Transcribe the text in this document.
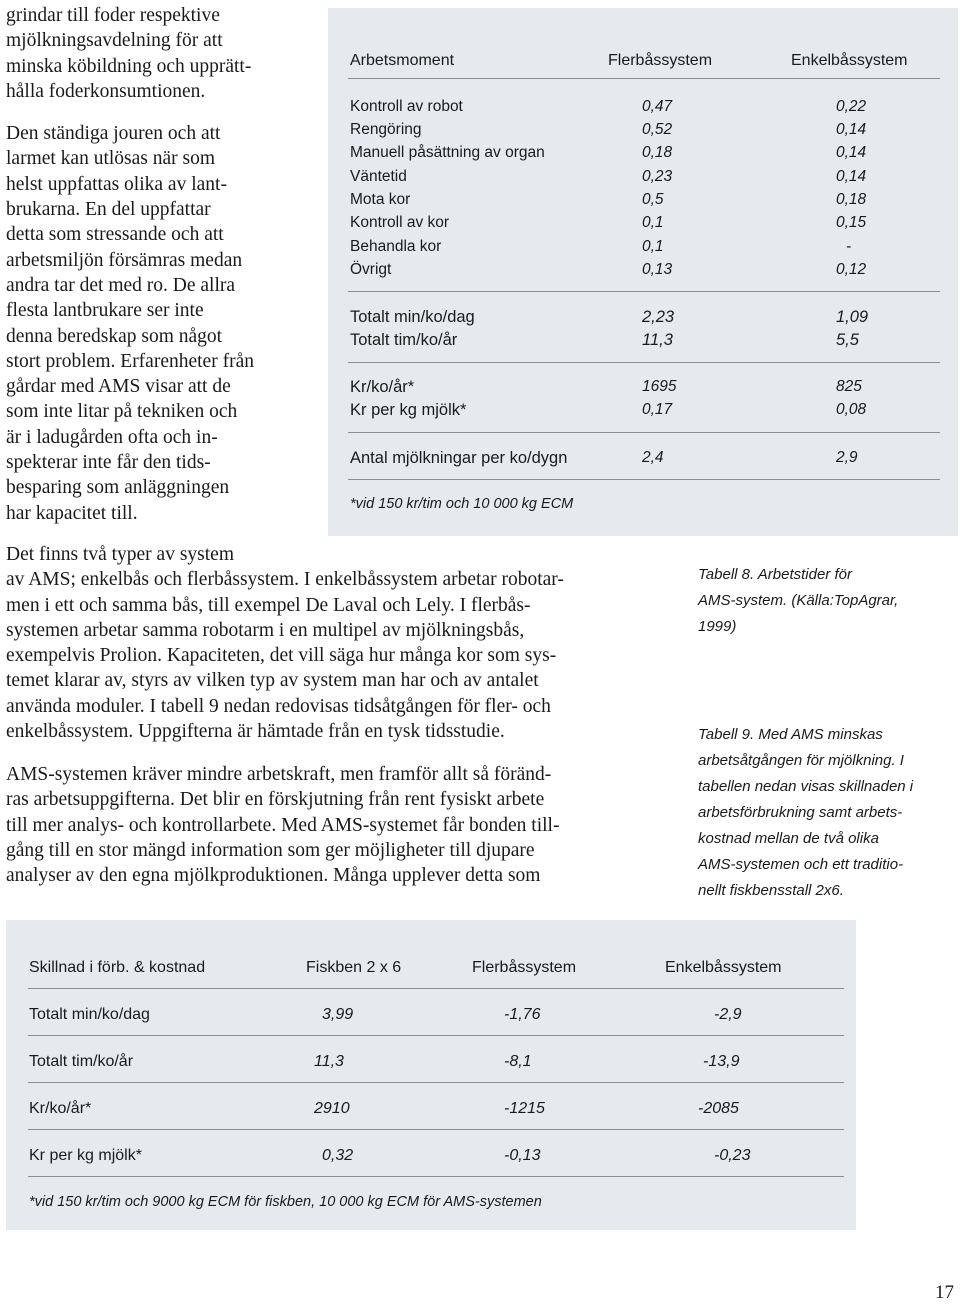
grindar till foder respektive
mjölkningsavdelning för att
minska köbildning och upprätt-
hålla foderkonsumtionen.
Den ständiga jouren och att
larmet kan utlösas när som
helst uppfattas olika av lant-
brukarna. En del uppfattar
detta som stressande och att
arbetsmiljön försämras medan
andra tar det med ro. De allra
flesta lantbrukare ser inte
denna beredskap som något
stort problem. Erfarenheter från
gårdar med AMS visar att de
som inte litar på tekniken och
är i ladugården ofta och in-
spekterar inte får den tids-
besparing som anläggningen
har kapacitet till.
Arbetsmoment	Flerbåssystem	Enkelbåssystem
Kontroll av robot	0,47	0,22
Rengöring	0,52	0,14
Manuell påsättning av organ	0,18	0,14
Väntetid	0,23	0,14
Mota kor	0,5	0,18
Kontroll av kor	0,1	0,15
Behandla kor	0,1	-
Övrigt	0,13	0,12
Totalt min/ko/dag	2,23	1,09
Totalt tim/ko/år	11,3	5,5
Kr/ko/år*	1695	825
Kr per kg mjölk*	0,17	0,08
Antal mjölkningar per ko/dygn	2,4	2,9
*vid 150 kr/tim och 10 000 kg ECM
Det finns två typer av system
av AMS; enkelbås och flerbåssystem. I enkelbåssystem arbetar robotar-
men i ett och samma bås, till exempel De Laval och Lely. I flerbås-
systemen arbetar samma robotarm i en multipel av mjölkningsbås,
exempelvis Prolion. Kapaciteten, det vill säga hur många kor som sys-
temet klarar av, styrs av vilken typ av system man har och av antalet
använda moduler. I tabell 9 nedan redovisas tidsåtgången för fler- och
enkelbåssystem. Uppgifterna är hämtade från en tysk tidsstudie.
AMS-systemen kräver mindre arbetskraft, men framför allt så föränd-
ras arbetsuppgifterna. Det blir en förskjutning från rent fysiskt arbete
till mer analys- och kontrollarbete. Med AMS-systemet får bonden till-
gång till en stor mängd information som ger möjligheter till djupare
analyser av den egna mjölkproduktionen. Många upplever detta som
Tabell 8. Arbetstider för
AMS-system. (Källa:TopAgrar,
1999)
Tabell 9. Med AMS minskas
arbetsåtgången för mjölkning. I
tabellen nedan visas skillnaden i
arbetsförbrukning samt arbets-
kostnad mellan de två olika
AMS-systemen och ett traditio-
nellt fiskbensstall 2x6.
Skillnad i förb. & kostnad	Fiskben 2 x 6	Flerbåssystem	Enkelbåssystem
Totalt min/ko/dag	3,99	-1,76	-2,9
Totalt tim/ko/år	11,3	-8,1	-13,9
Kr/ko/år*	2910	-1215	-2085
Kr per kg mjölk*	0,32	-0,13	-0,23
*vid 150 kr/tim och 9000 kg ECM för fiskben, 10 000 kg ECM för AMS-systemen
17
